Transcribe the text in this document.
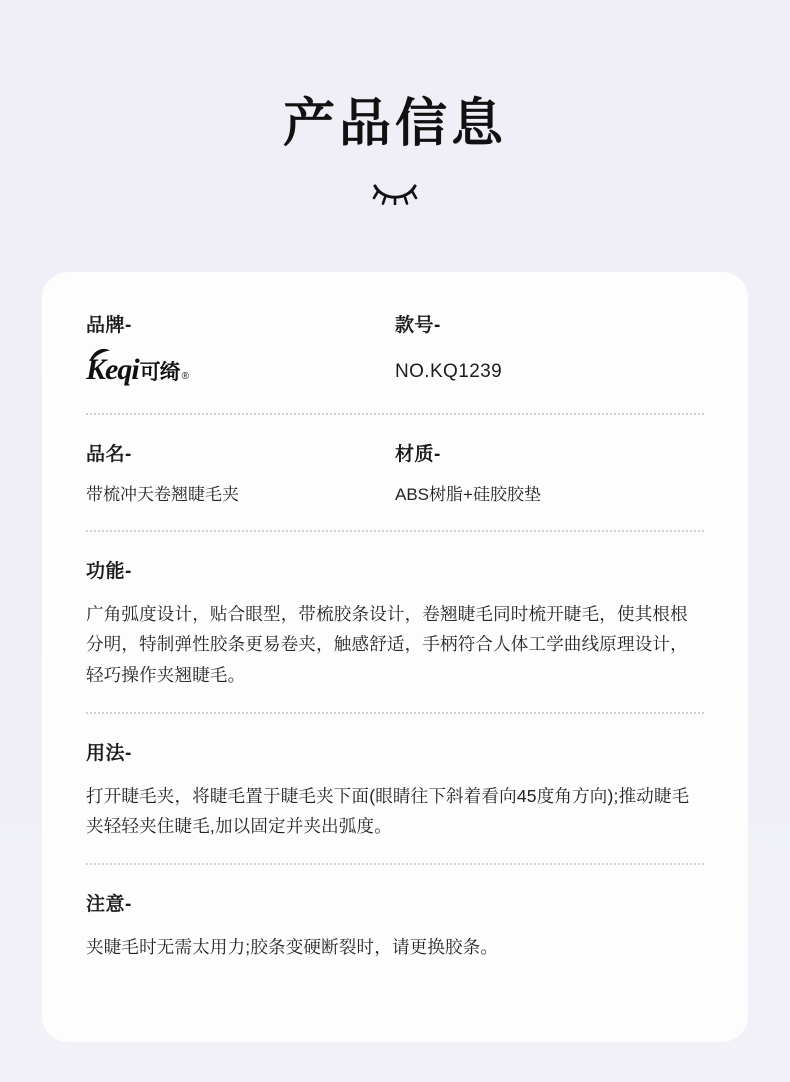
产品信息
品牌-
Keqi 可绮 ®
款号-
NO.KQ1239
品名-
带梳冲天卷翘睫毛夹
材质-
ABS树脂+硅胶胶垫
功能-
广角弧度设计，贴合眼型，带梳胶条设计，卷翘睫毛同时梳开睫毛，使其根根分明，特制弹性胶条更易卷夹，触感舒适，手柄符合人体工学曲线原理设计，轻巧操作夹翘睫毛。
用法-
打开睫毛夹，将睫毛置于睫毛夹下面(眼睛往下斜着看向45度角方向);推动睫毛夹轻轻夹住睫毛,加以固定并夹出弧度。
注意-
夹睫毛时无需太用力;胶条变硬断裂时，请更换胶条。
